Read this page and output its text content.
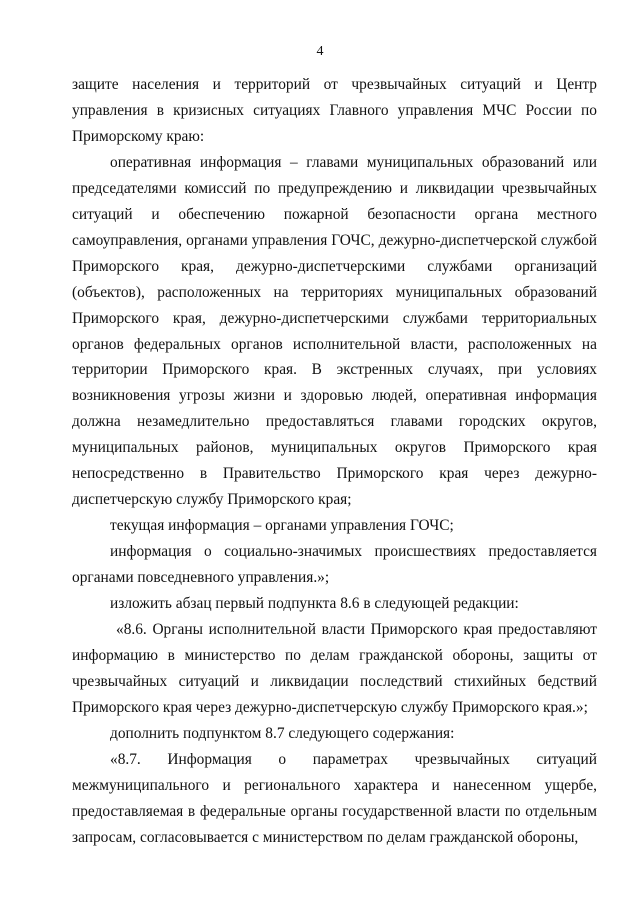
4

защите населения и территорий от чрезвычайных ситуаций и Центр управления в кризисных ситуациях Главного управления МЧС России по Приморскому краю:

оперативная информация – главами муниципальных образований или председателями комиссий по предупреждению и ликвидации чрезвычайных ситуаций и обеспечению пожарной безопасности органа местного самоуправления, органами управления ГОЧС, дежурно-диспетчерской службой Приморского края, дежурно-диспетчерскими службами организаций (объектов), расположенных на территориях муниципальных образований Приморского края, дежурно-диспетчерскими службами территориальных органов федеральных органов исполнительной власти, расположенных на территории Приморского края. В экстренных случаях, при условиях возникновения угрозы жизни и здоровью людей, оперативная информация должна незамедлительно предоставляться главами городских округов, муниципальных районов, муниципальных округов Приморского края непосредственно в Правительство Приморского края через дежурно-диспетчерскую службу Приморского края;

текущая информация – органами управления ГОЧС;

информация о социально-значимых происшествиях предоставляется органами повседневного управления.»;

изложить абзац первый подпункта 8.6 в следующей редакции:

«8.6. Органы исполнительной власти Приморского края предоставляют информацию в министерство по делам гражданской обороны, защиты от чрезвычайных ситуаций и ликвидации последствий стихийных бедствий Приморского края через дежурно-диспетчерскую службу Приморского края.»;

дополнить подпунктом 8.7 следующего содержания:

«8.7. Информация о параметрах чрезвычайных ситуаций межмуниципального и регионального характера и нанесенном ущербе, предоставляемая в федеральные органы государственной власти по отдельным запросам, согласовывается с министерством по делам гражданской обороны,
